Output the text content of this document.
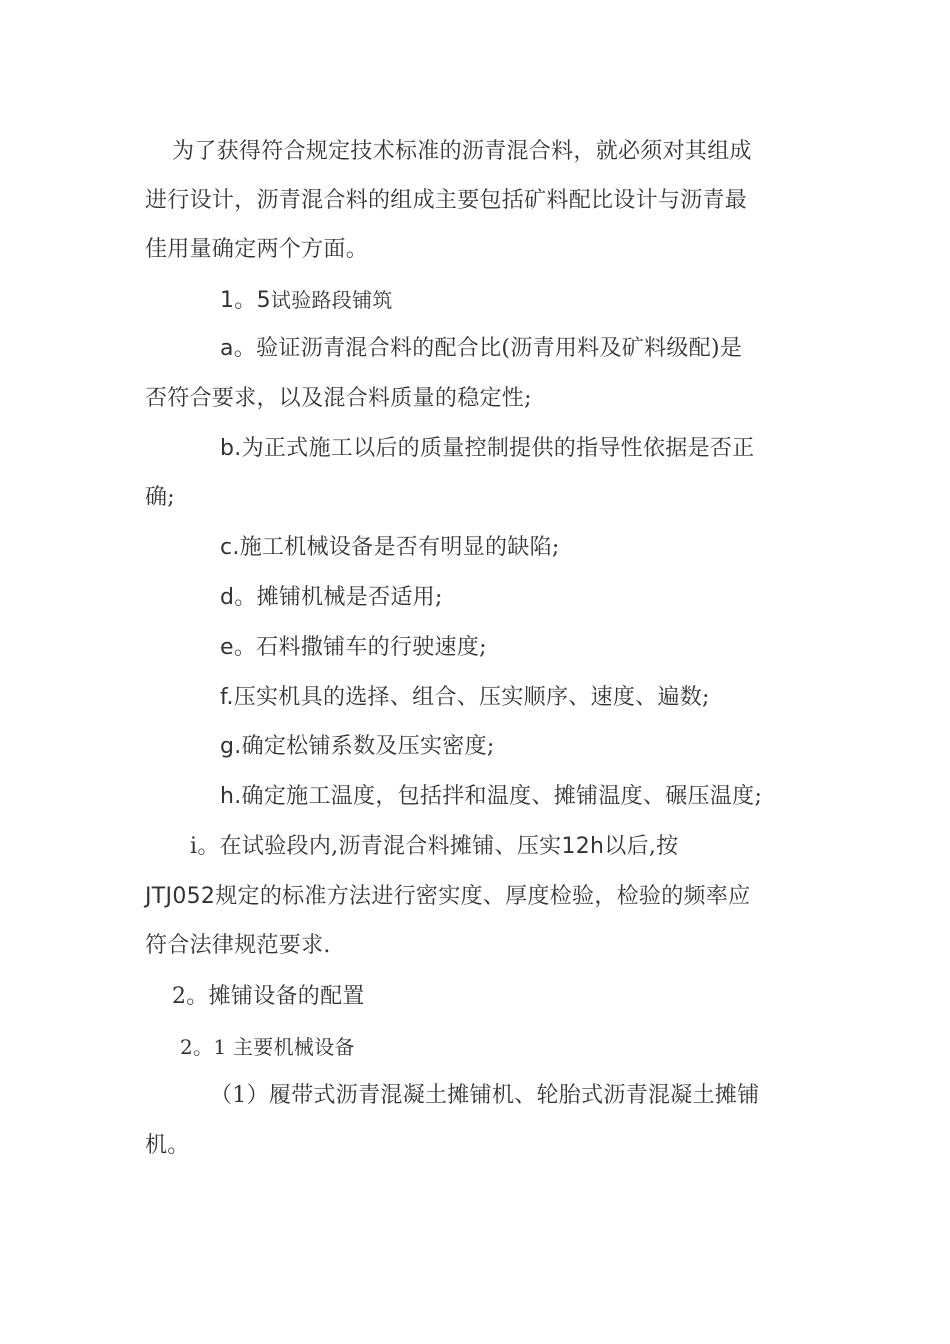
为了获得符合规定技术标准的沥青混合料，就必须对其组成
进行设计，沥青混合料的组成主要包括矿料配比设计与沥青最
佳用量确定两个方面。
1。5试验路段铺筑
a。验证沥青混合料的配合比(沥青用料及矿料级配)是
否符合要求，以及混合料质量的稳定性;
b.为正式施工以后的质量控制提供的指导性依据是否正
确;
c.施工机械设备是否有明显的缺陷;
d。摊铺机械是否适用;
e。石料撒铺车的行驶速度;
f.压实机具的选择、组合、压实顺序、速度、遍数;
g.确定松铺系数及压实密度;
h.确定施工温度，包括拌和温度、摊铺温度、碾压温度;
i。在试验段内,沥青混合料摊铺、压实12h以后,按
JTJ052规定的标准方法进行密实度、厚度检验，检验的频率应
符合法律规范要求.
2。摊铺设备的配置
2。1 主要机械设备
（1）履带式沥青混凝土摊铺机、轮胎式沥青混凝土摊铺
机。
